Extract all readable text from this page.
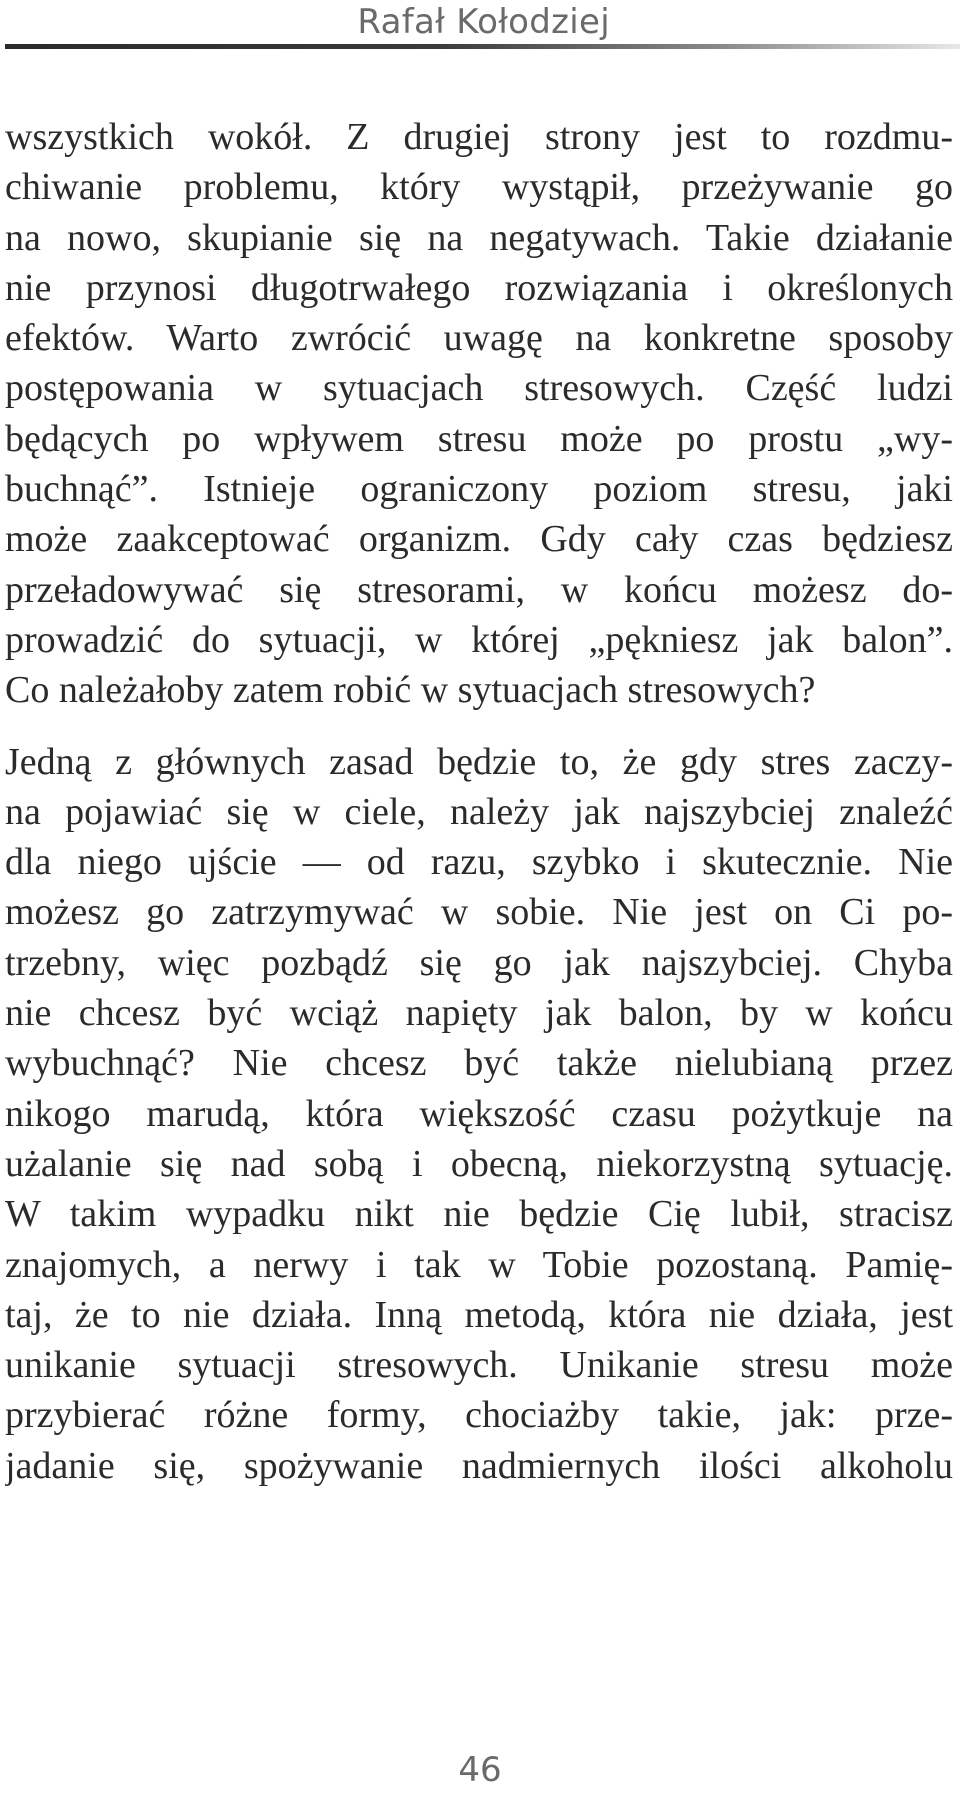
Rafał Kołodziej
wszystkich wokół. Z drugiej strony jest to rozdmu-
chiwanie problemu, który wystąpił, przeżywanie go
na nowo, skupianie się na negatywach. Takie działanie
nie przynosi długotrwałego rozwiązania i określonych
efektów. Warto zwrócić uwagę na konkretne sposoby
postępowania w sytuacjach stresowych. Część ludzi
będących po wpływem stresu może po prostu „wy-
buchnąć”. Istnieje ograniczony poziom stresu, jaki
może zaakceptować organizm. Gdy cały czas będziesz
przeładowywać się stresorami, w końcu możesz do-
prowadzić do sytuacji, w której „pękniesz jak balon”.
Co należałoby zatem robić w sytuacjach stresowych?
Jedną z głównych zasad będzie to, że gdy stres zaczy-
na pojawiać się w ciele, należy jak najszybciej znaleźć
dla niego ujście — od razu, szybko i skutecznie. Nie
możesz go zatrzymywać w sobie. Nie jest on Ci po-
trzebny, więc pozbądź się go jak najszybciej. Chyba
nie chcesz być wciąż napięty jak balon, by w końcu
wybuchnąć? Nie chcesz być także nielubianą przez
nikogo marudą, która większość czasu pożytkuje na
użalanie się nad sobą i obecną, niekorzystną sytuację.
W takim wypadku nikt nie będzie Cię lubił, stracisz
znajomych, a nerwy i tak w Tobie pozostaną. Pamię-
taj, że to nie działa. Inną metodą, która nie działa, jest
unikanie sytuacji stresowych. Unikanie stresu może
przybierać różne formy, chociażby takie, jak: prze-
jadanie się, spożywanie nadmiernych ilości alkoholu
46
